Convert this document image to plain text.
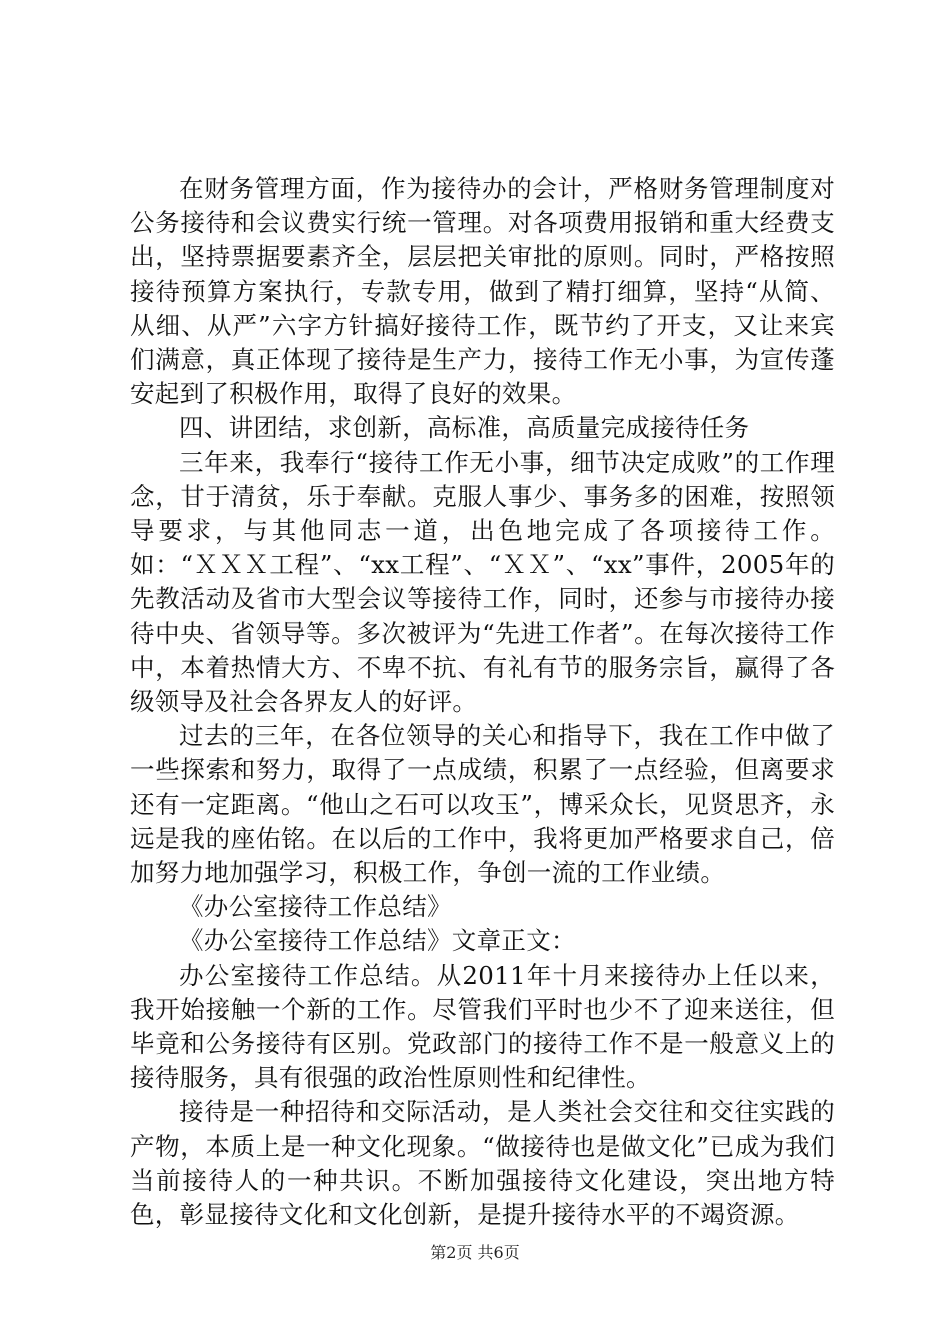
在财务管理方面，作为接待办的会计，严格财务管理制度对公务接待和会议费实行统一管理。对各项费用报销和重大经费支出，坚持票据要素齐全，层层把关审批的原则。同时，严格按照接待预算方案执行，专款专用，做到了精打细算，坚持“从简、从细、从严”六字方针搞好接待工作，既节约了开支，又让来宾们满意，真正体现了接待是生产力，接待工作无小事，为宣传蓬安起到了积极作用，取得了良好的效果。

四、讲团结，求创新，高标准，高质量完成接待任务

三年来，我奉行“接待工作无小事，细节决定成败”的工作理念，甘于清贫，乐于奉献。克服人事少、事务多的困难，按照领导要求，与其他同志一道，出色地完成了各项接待工作。如：“ＸＸＸ工程”、“xx工程”、“ＸＸ”、“xx”事件，2005年的先教活动及省市大型会议等接待工作，同时，还参与市接待办接待中央、省领导等。多次被评为“先进工作者”。在每次接待工作中，本着热情大方、不卑不抗、有礼有节的服务宗旨，赢得了各级领导及社会各界友人的好评。

过去的三年，在各位领导的关心和指导下，我在工作中做了一些探索和努力，取得了一点成绩，积累了一点经验，但离要求还有一定距离。“他山之石可以攻玉”，博采众长，见贤思齐，永远是我的座佑铭。在以后的工作中，我将更加严格要求自己，倍加努力地加强学习，积极工作，争创一流的工作业绩。

《办公室接待工作总结》

《办公室接待工作总结》文章正文：

办公室接待工作总结。从2011年十月来接待办上任以来，我开始接触一个新的工作。尽管我们平时也少不了迎来送往，但毕竟和公务接待有区别。党政部门的接待工作不是一般意义上的接待服务，具有很强的政治性原则性和纪律性。

接待是一种招待和交际活动，是人类社会交往和交往实践的产物，本质上是一种文化现象。“做接待也是做文化”已成为我们当前接待人的一种共识。不断加强接待文化建设，突出地方特色，彰显接待文化和文化创新，是提升接待水平的不竭资源。

第2页 共6页
